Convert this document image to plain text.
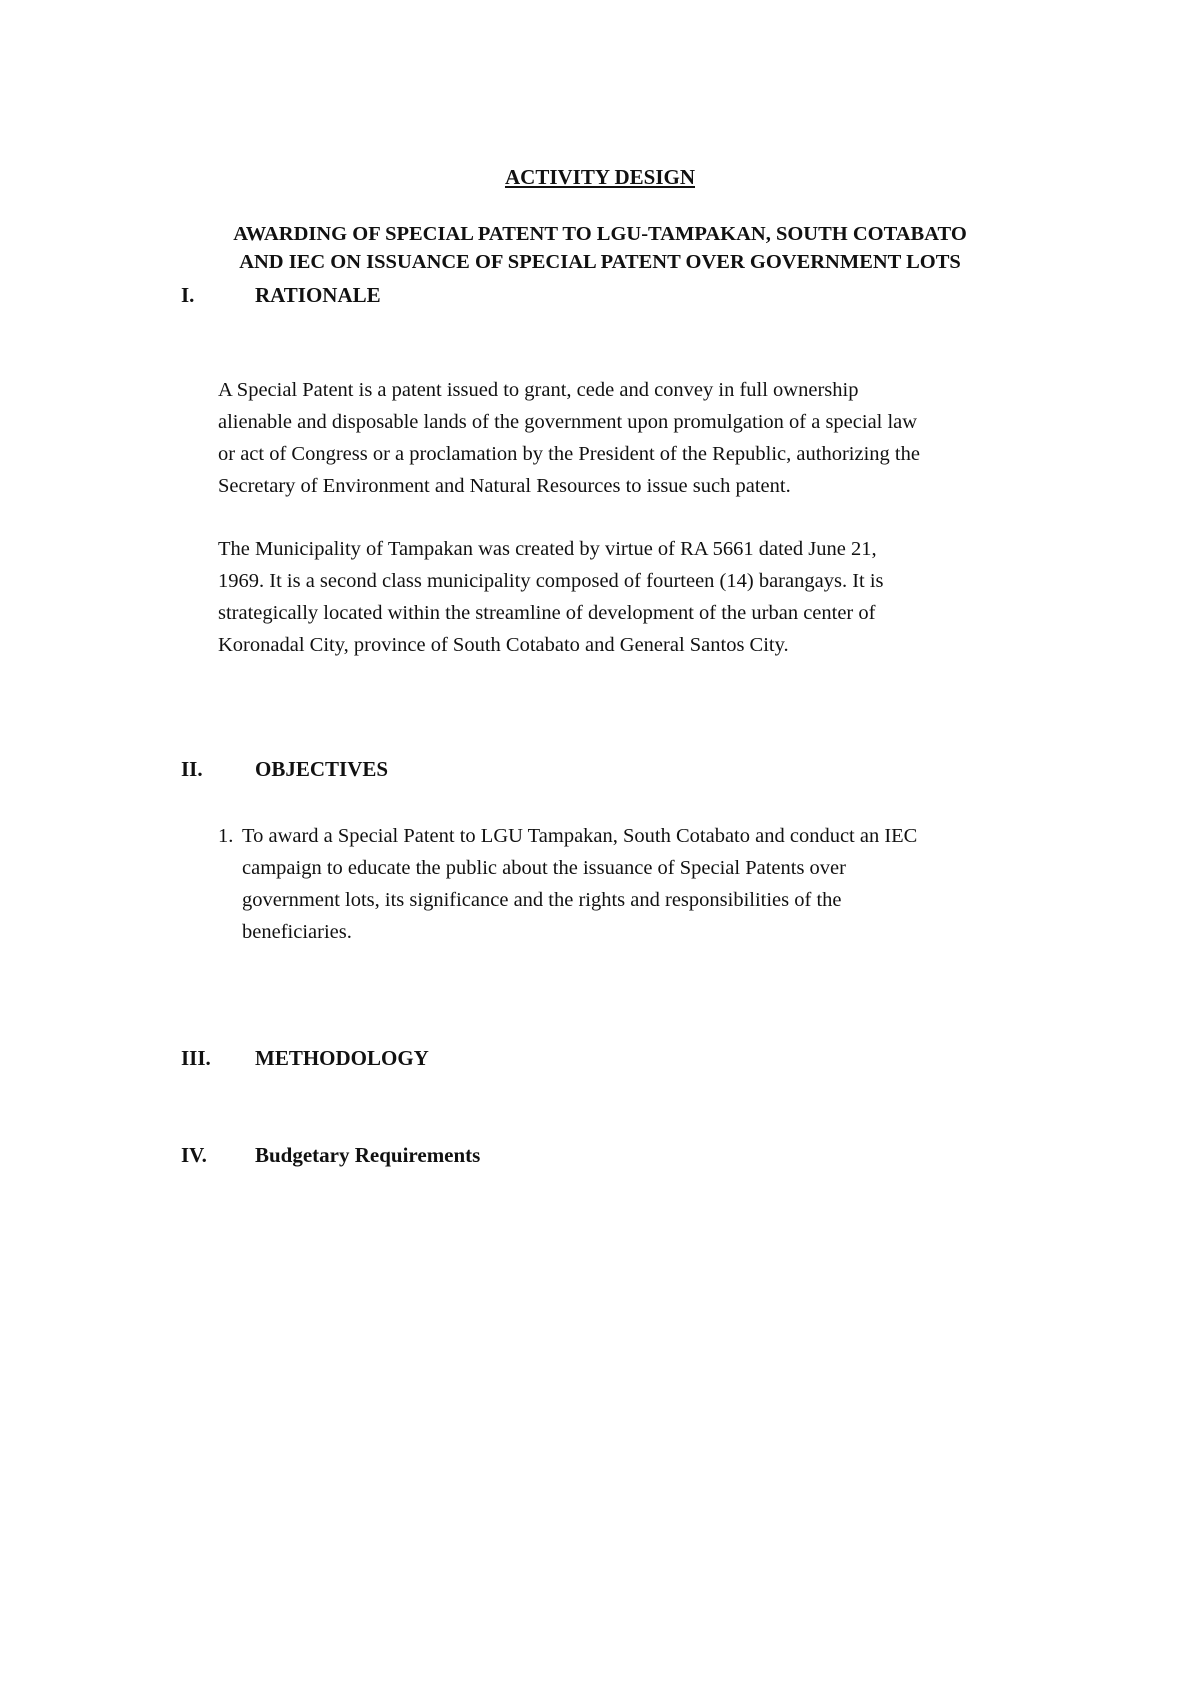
ACTIVITY DESIGN
AWARDING OF SPECIAL PATENT TO LGU-TAMPAKAN, SOUTH COTABATO
AND IEC ON ISSUANCE OF SPECIAL PATENT OVER GOVERNMENT LOTS
I.	RATIONALE

A Special Patent is a patent issued to grant, cede and convey in full ownership
alienable and disposable lands of the government upon promulgation of a special law
or act of Congress or a proclamation by the President of the Republic, authorizing the
Secretary of Environment and Natural Resources to issue such patent.

The Municipality of Tampakan was created by virtue of RA 5661 dated June 21,
1969. It is a second class municipality composed of fourteen (14) barangays. It is
strategically located within the streamline of development of the urban center of
Koronadal City, province of South Cotabato and General Santos City.

II. OBJECTIVES
1. To award a Special Patent to LGU Tampakan, South Cotabato and conduct an IEC
campaign to educate the public about the issuance of Special Patents over
government lots, its significance and the rights and responsibilities of the
beneficiaries.
III. METHODOLOGY
IV. Budgetary Requirements
